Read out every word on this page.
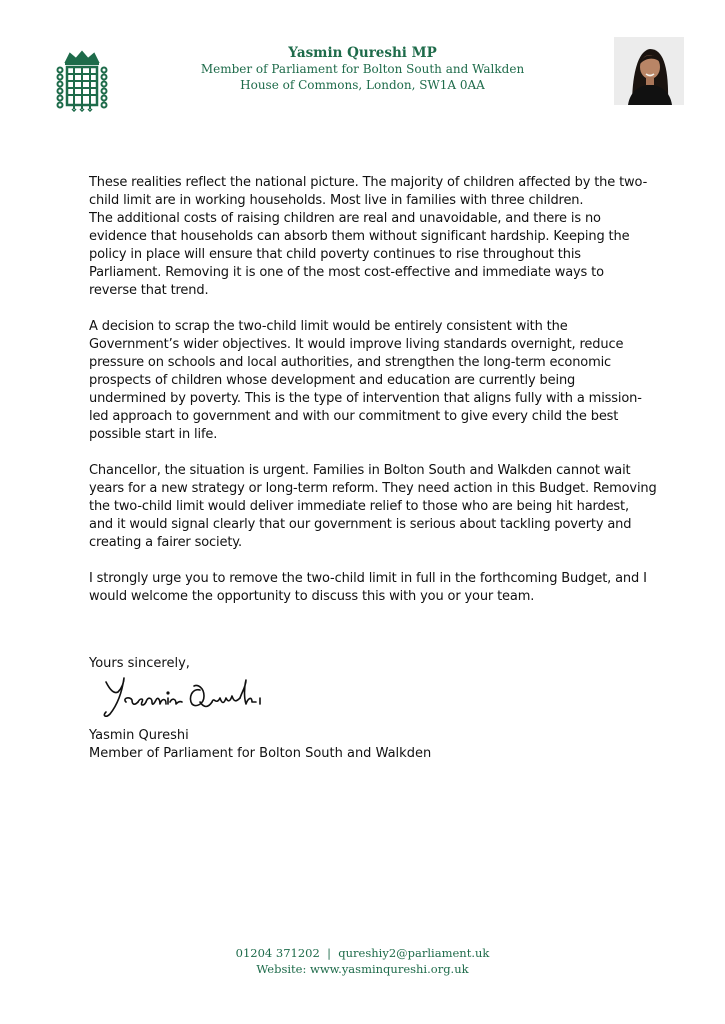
Yasmin Qureshi MP
Member of Parliament for Bolton South and Walkden
House of Commons, London, SW1A 0AA

These realities reflect the national picture. The majority of children affected by the two-
child limit are in working households. Most live in families with three children.
The additional costs of raising children are real and unavoidable, and there is no
evidence that households can absorb them without significant hardship. Keeping the
policy in place will ensure that child poverty continues to rise throughout this
Parliament. Removing it is one of the most cost-effective and immediate ways to
reverse that trend.

A decision to scrap the two-child limit would be entirely consistent with the
Government’s wider objectives. It would improve living standards overnight, reduce
pressure on schools and local authorities, and strengthen the long-term economic
prospects of children whose development and education are currently being
undermined by poverty. This is the type of intervention that aligns fully with a mission-
led approach to government and with our commitment to give every child the best
possible start in life.

Chancellor, the situation is urgent. Families in Bolton South and Walkden cannot wait
years for a new strategy or long-term reform. They need action in this Budget. Removing
the two-child limit would deliver immediate relief to those who are being hit hardest,
and it would signal clearly that our government is serious about tackling poverty and
creating a fairer society.

I strongly urge you to remove the two-child limit in full in the forthcoming Budget, and I
would welcome the opportunity to discuss this with you or your team.

Yours sincerely,
Yasmin Qureshi
Member of Parliament for Bolton South and Walkden
01204 371202 | qureshiy2@parliament.uk
Website: www.yasminqureshi.org.uk
